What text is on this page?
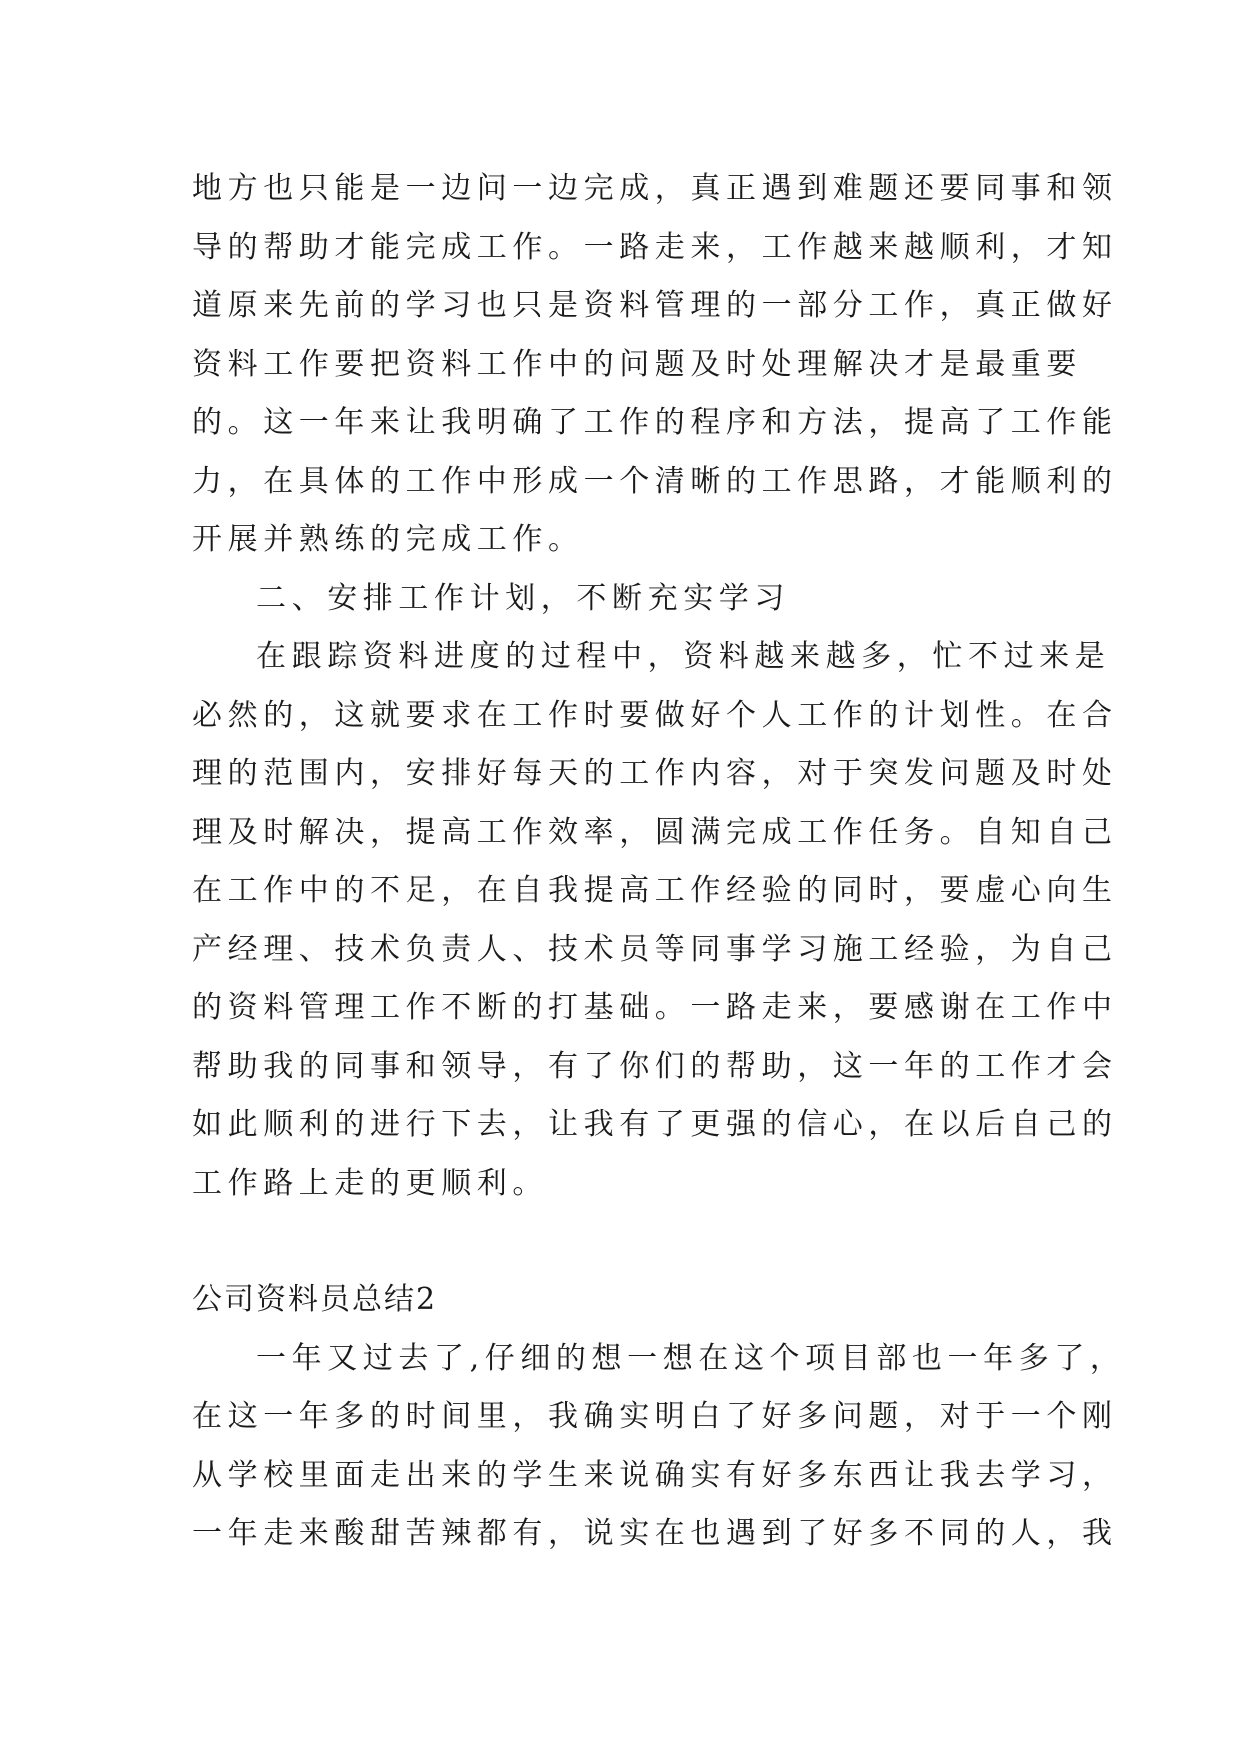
地方也只能是一边问一边完成，真正遇到难题还要同事和领
导的帮助才能完成工作。一路走来，工作越来越顺利，才知
道原来先前的学习也只是资料管理的一部分工作，真正做好
资料工作要把资料工作中的问题及时处理解决才是最重要
的。这一年来让我明确了工作的程序和方法，提高了工作能
力，在具体的工作中形成一个清晰的工作思路，才能顺利的
开展并熟练的完成工作。
二、安排工作计划，不断充实学习
在跟踪资料进度的过程中，资料越来越多，忙不过来是
必然的，这就要求在工作时要做好个人工作的计划性。在合
理的范围内，安排好每天的工作内容，对于突发问题及时处
理及时解决，提高工作效率，圆满完成工作任务。自知自己
在工作中的不足，在自我提高工作经验的同时，要虚心向生
产经理、技术负责人、技术员等同事学习施工经验，为自己
的资料管理工作不断的打基础。一路走来，要感谢在工作中
帮助我的同事和领导，有了你们的帮助，这一年的工作才会
如此顺利的进行下去，让我有了更强的信心，在以后自己的
工作路上走的更顺利。
公司资料员总结2
一年又过去了,仔细的想一想在这个项目部也一年多了，
在这一年多的时间里，我确实明白了好多问题，对于一个刚
从学校里面走出来的学生来说确实有好多东西让我去学习，
一年走来酸甜苦辣都有，说实在也遇到了好多不同的人，我
